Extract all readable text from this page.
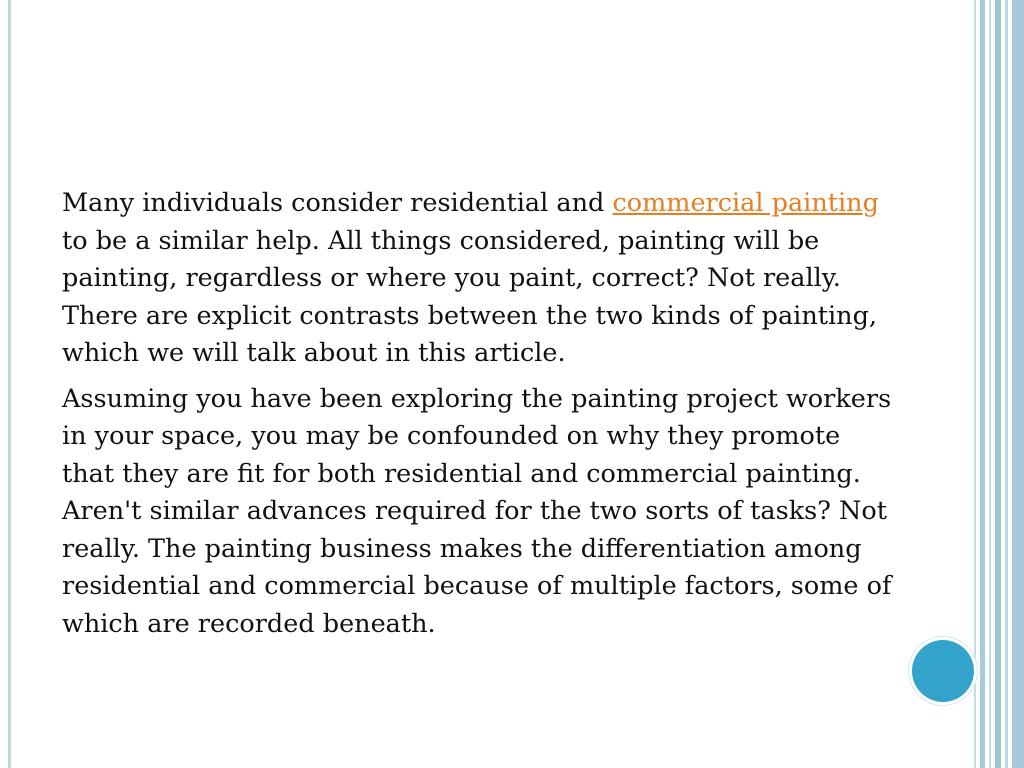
Many individuals consider residential and commercial painting to be a similar help. All things considered, painting will be painting, regardless or where you paint, correct? Not really. There are explicit contrasts between the two kinds of painting, which we will talk about in this article.

Assuming you have been exploring the painting project workers in your space, you may be confounded on why they promote that they are fit for both residential and commercial painting. Aren't similar advances required for the two sorts of tasks? Not really. The painting business makes the differentiation among residential and commercial because of multiple factors, some of which are recorded beneath.
